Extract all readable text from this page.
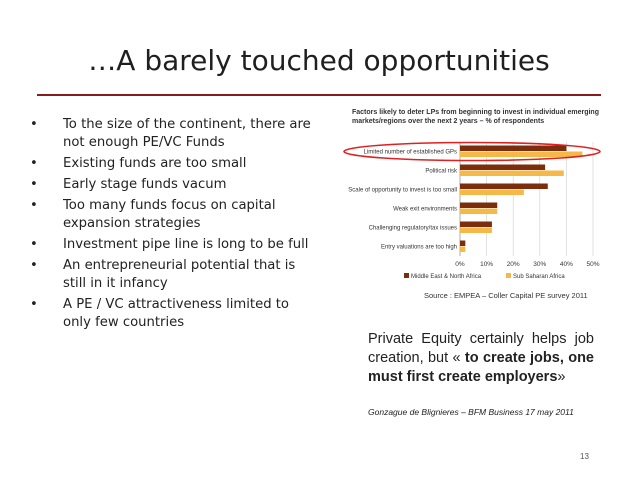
…A barely touched opportunities
• To the size of the continent, there are not enough PE/VC Funds
• Existing funds are too small
• Early stage funds vacum
• Too many funds focus on capital expansion strategies
• Investment pipe line is long to be full
• An entrepreneurial potential that is still in it infancy
• A PE / VC attractiveness limited to only few countries
Factors likely to deter LPs from beginning to invest in individual emerging markets/regions over the next 2 years – % of respondents
0% 10% 20% 30% 40% 50%
Limited number of established GPs
Political risk
Scale of opportunity to invest is too small
Weak exit environments
Challenging regulatory/tax issues
Entry valuations are too high
Middle East & North Africa	Sub Saharan Africa
Source : EMPEA – Coller Capital PE survey 2011
Private Equity certainly helps job creation, but « to create jobs, one must first create employers»
Gonzague de Blignieres – BFM Business 17 may 2011
13
